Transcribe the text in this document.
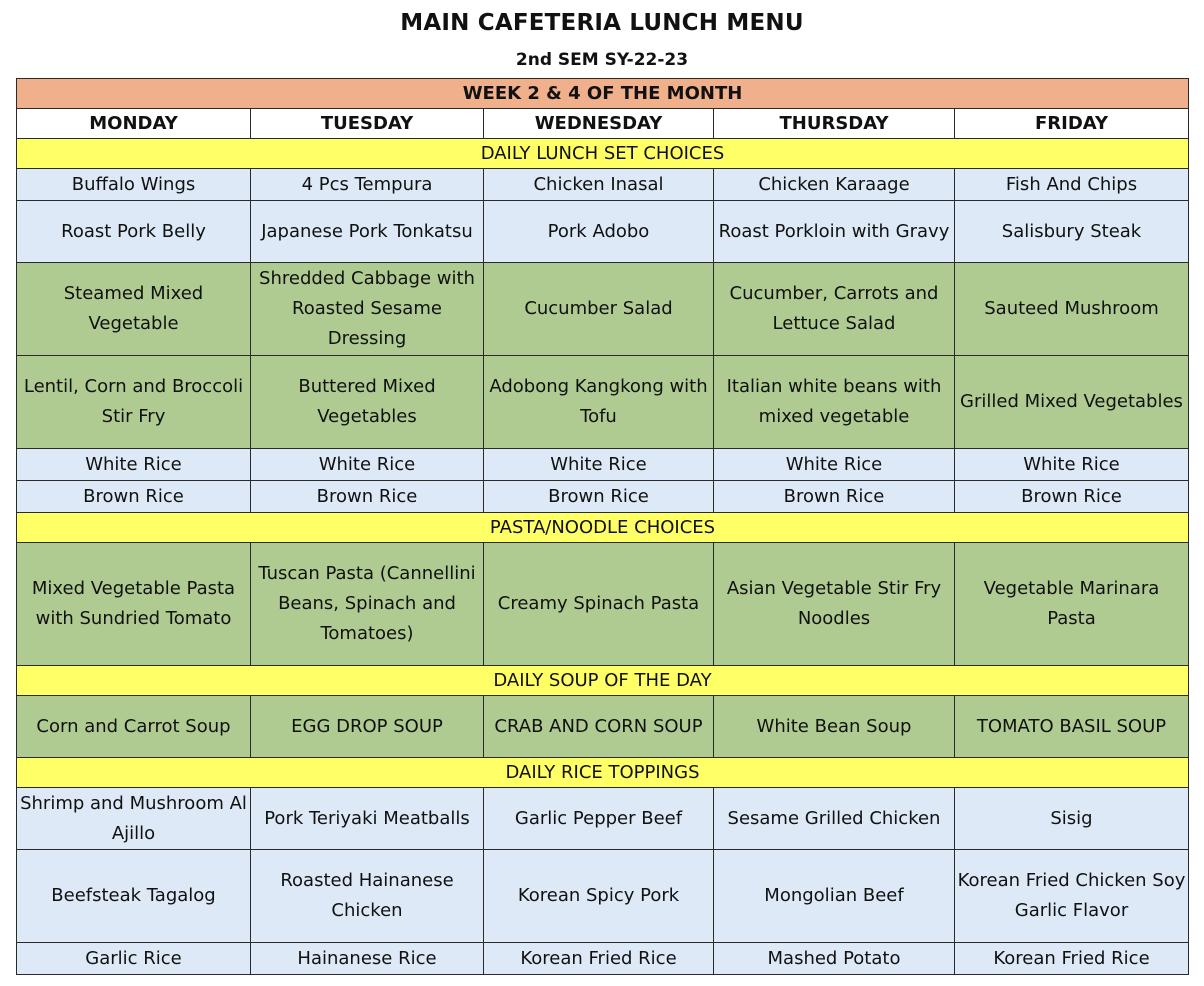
MAIN CAFETERIA LUNCH MENU
2nd SEM SY-22-23
WEEK 2 & 4 OF THE MONTH				
MONDAY	TUESDAY	WEDNESDAY	THURSDAY	FRIDAY
DAILY LUNCH SET CHOICES				
Buffalo Wings	4 Pcs Tempura	Chicken Inasal	Chicken Karaage	Fish And Chips
Roast Pork Belly	Japanese Pork Tonkatsu	Pork Adobo	Roast Porkloin with Gravy	Salisbury Steak
Steamed Mixed Vegetable	Shredded Cabbage with Roasted Sesame Dressing	Cucumber Salad	Cucumber, Carrots and Lettuce Salad	Sauteed Mushroom
Lentil, Corn and Broccoli Stir Fry	Buttered Mixed Vegetables	Adobong Kangkong with Tofu	Italian white beans with mixed vegetable	Grilled Mixed Vegetables
White Rice	White Rice	White Rice	White Rice	White Rice
Brown Rice	Brown Rice	Brown Rice	Brown Rice	Brown Rice
PASTA/NOODLE CHOICES				
Mixed Vegetable Pasta with Sundried Tomato	Tuscan Pasta (Cannellini Beans, Spinach and Tomatoes)	Creamy Spinach Pasta	Asian Vegetable Stir Fry Noodles	Vegetable Marinara Pasta
DAILY SOUP OF THE DAY				
Corn and Carrot Soup	EGG DROP SOUP	CRAB AND CORN SOUP	White Bean Soup	TOMATO BASIL SOUP
DAILY RICE TOPPINGS				
Shrimp and Mushroom Al Ajillo	Pork Teriyaki Meatballs	Garlic Pepper Beef	Sesame Grilled Chicken	Sisig
Beefsteak Tagalog	Roasted Hainanese Chicken	Korean Spicy Pork	Mongolian Beef	Korean Fried Chicken Soy Garlic Flavor
Garlic Rice	Hainanese Rice	Korean Fried Rice	Mashed Potato	Korean Fried Rice
